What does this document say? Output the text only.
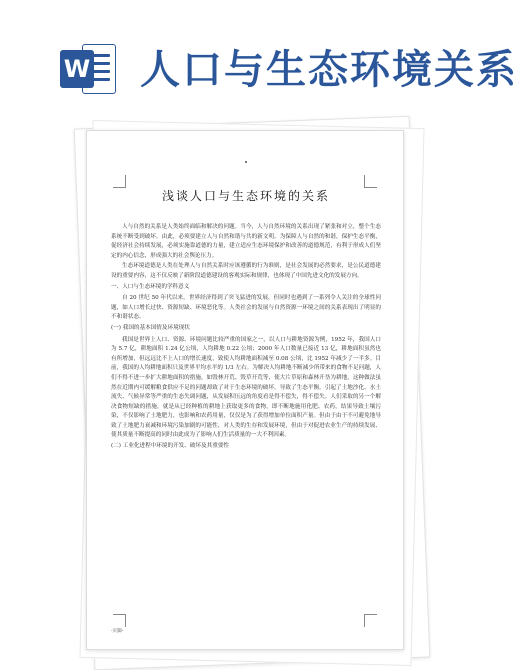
W 人口与生态环境关系
浅谈人口与生态环境的关系
人与自然的关系是人类始终面临和解决的问题。当今，人与自然环境的关系出现了紧张和对立，整个生态系统不断受到破坏。由此，必须要建立人与自然和谐与共的新文明。为保障人与自然的和谐，保护生态平衡，促经济社会持续发展，必须实施靠道德的力量，建立适应生态环境保护和改善的道德规范，有利于形成人们坚定的内心信念，形成强大的社会舆论压力。
生态环境道德是人类在处理人与自然关系时应该遵循的行为准则，是社会发展的必然要求，是公民道德建设的重要内容，这不仅反映了新阶段道德建设的客观实际和规律，也体现了中国先进文化的发展方向。
一、人口与生态环境的学科意义
自 20 世纪 50 年代以来，世界经济得到了突飞猛进的发展，但同时也遇到了一系列令人关注的全球性问题，如人口增长过快、资源短缺、环境恶化等。人类社会的发展与自然资源一环境之间的关系表现出了明显的不和谐状态。
(一) 我国的基本国情及环境现状
我国是世界上人口、资源、环境问题比较严重的国家之一，以人口与耕地资源为例，1952 年，我国人口为 5.7 亿，耕地面积 1.24 亿公顷，人均耕地 0.22 公顷；2000 年人口数量已接近 13 亿，耕地面积虽然也有所增加，但远远比不上人口的增长速度，致使人均耕地面积减至 0.08 公顷，比 1952 年减少了一半多。目前，我国的人均耕地面积只及世界平均水平的 1/3 左右。为解决人均耕地不断减少所带来的食物不足问题，人们不得不进一步扩大耕地面积的措施，如毁林开荒、毁草开荒等，使大片草原和森林开垦为耕地，这种做法虽然在近期内可缓解粮食供应不足的问题却致了对于生态环境的破坏，导致了生态平衡。引起了土地沙化、水土流失、气候异常等严重的生态失调问题，从发展积压远的角度看是得不偿失，得不偿失。人们采取的另一个解决食物短缺的措施，就是从已经种植的耕地上获取更多的食物，即不断地施用化肥、农药，结果导致土壤污染，不仅影响了土地肥力，也影响和农药用量，仅仅是为了获得增加单位面积产量。但由于由于不可避免地导致了土地肥力衰减和环境污染加剧的可能性，对人类的生存和发展环境，但由于对促进农业生产的持续发展、使其质量不断提高的同时由此成为了影响人们生活质量的一大不利因素。
(二) 工业化进程中环境的开发、破坏及其重要性
-页脚-
